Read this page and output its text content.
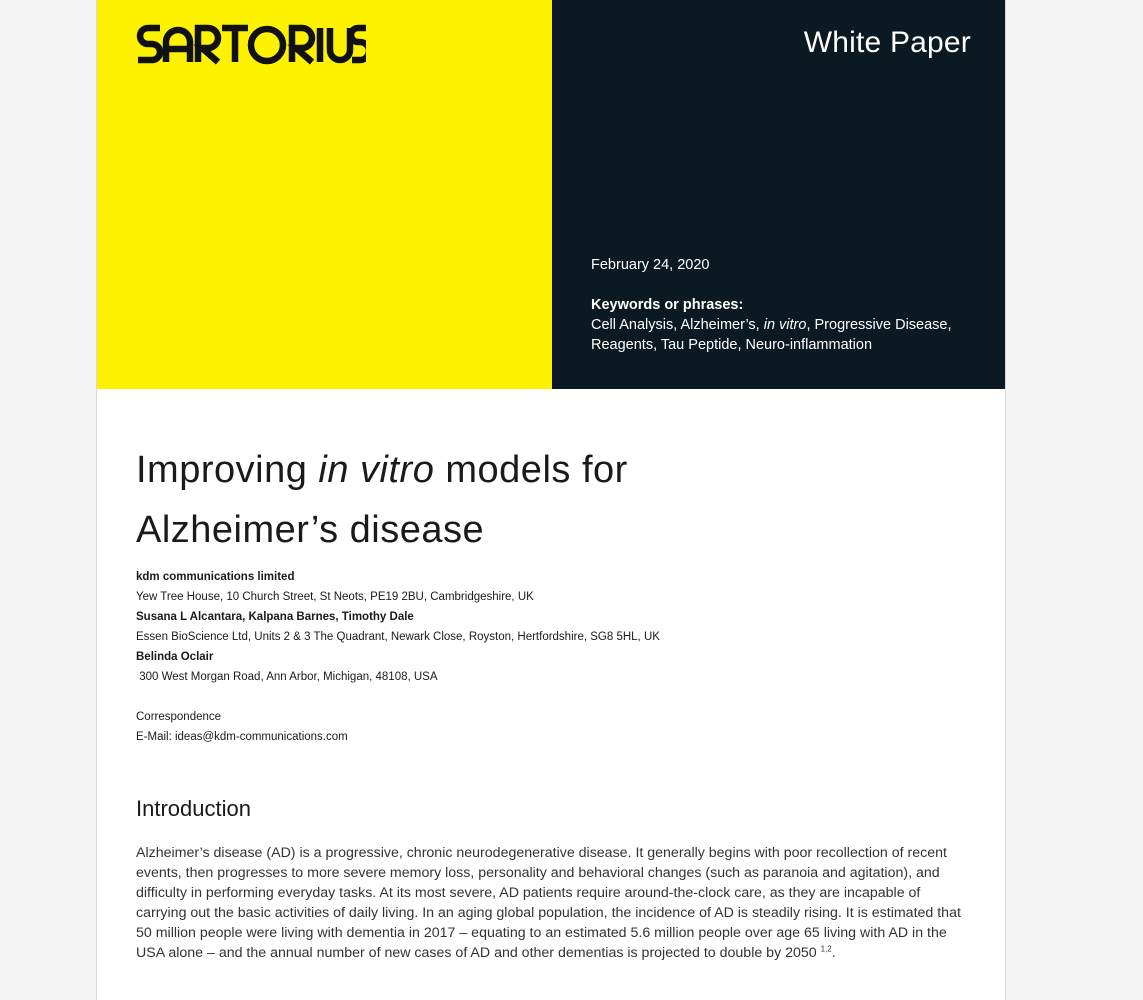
White Paper
February 24, 2020
Keywords or phrases:
Cell Analysis, Alzheimer’s, in vitro, Progressive Disease,
Reagents, Tau Peptide, Neuro-inflammation
Improving in vitro models for
Alzheimer’s disease
kdm communications limited
Yew Tree House, 10 Church Street, St Neots, PE19 2BU, Cambridgeshire, UK
Susana L Alcantara, Kalpana Barnes, Timothy Dale
Essen BioScience Ltd, Units 2 & 3 The Quadrant, Newark Close, Royston, Hertfordshire, SG8 5HL, UK
Belinda Oclair
300 West Morgan Road, Ann Arbor, Michigan, 48108, USA
Correspondence
E-Mail: ideas@kdm-communications.com
Introduction
Alzheimer’s disease (AD) is a progressive, chronic neurodegenerative disease. It generally begins with poor recollection of recent events, then progresses to more severe memory loss, personality and behavioral changes (such as paranoia and agitation), and difficulty in performing everyday tasks. At its most severe, AD patients require around-the-clock care, as they are incapable of carrying out the basic activities of daily living. In an aging global population, the incidence of AD is steadily rising. It is estimated that 50 million people were living with dementia in 2017 – equating to an estimated 5.6 million people over age 65 living with AD in the USA alone – and the annual number of new cases of AD and other dementias is projected to double by 2050 $^{1,2}$.
